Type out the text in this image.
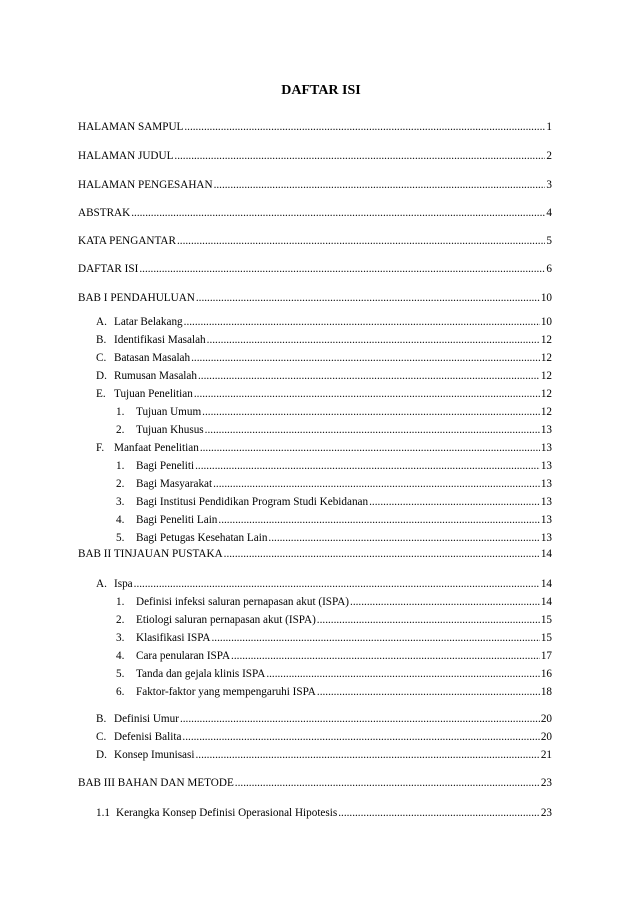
DAFTAR ISI
HALAMAN SAMPUL .....	1
HALAMAN JUDUL .....	2
HALAMAN PENGESAHAN .....	3
ABSTRAK .....	4
KATA PENGANTAR .....	5
DAFTAR ISI .....	6
BAB I PENDAHULUAN .....	10
A. Latar Belakang .....	10
B. Identifikasi Masalah .....	12
C. Batasan Masalah .....	12
D. Rumusan Masalah .....	12
E. Tujuan Penelitian .....	12
1.	Tujuan Umum .....	12
2.	Tujuan Khusus .....	13
F. Manfaat Penelitian .....	13
1.	Bagi Peneliti .....	13
2.	Bagi Masyarakat .....	13
3.	Bagi Institusi Pendidikan Program Studi Kebidanan .....	13
4.	Bagi Peneliti Lain .....	13
5.	Bagi Petugas Kesehatan Lain .....	13
BAB II TINJAUAN PUSTAKA .....	14
A. Ispa .....	14
1.	Definisi infeksi saluran pernapasan akut (ISPA) .....	14
2.	Etiologi saluran pernapasan akut (ISPA) .....	15
3.	Klasifikasi ISPA .....	15
4.	Cara penularan ISPA .....	17
5.	Tanda dan gejala klinis ISPA .....	16
6.	Faktor-faktor yang mempengaruhi ISPA .....	18
B. Definisi Umur .....	20
C. Defenisi Balita .....	20
D. Konsep Imunisasi .....	21
BAB III BAHAN DAN METODE .....	23
1.1 Kerangka Konsep Definisi Operasional Hipotesis .....	23
